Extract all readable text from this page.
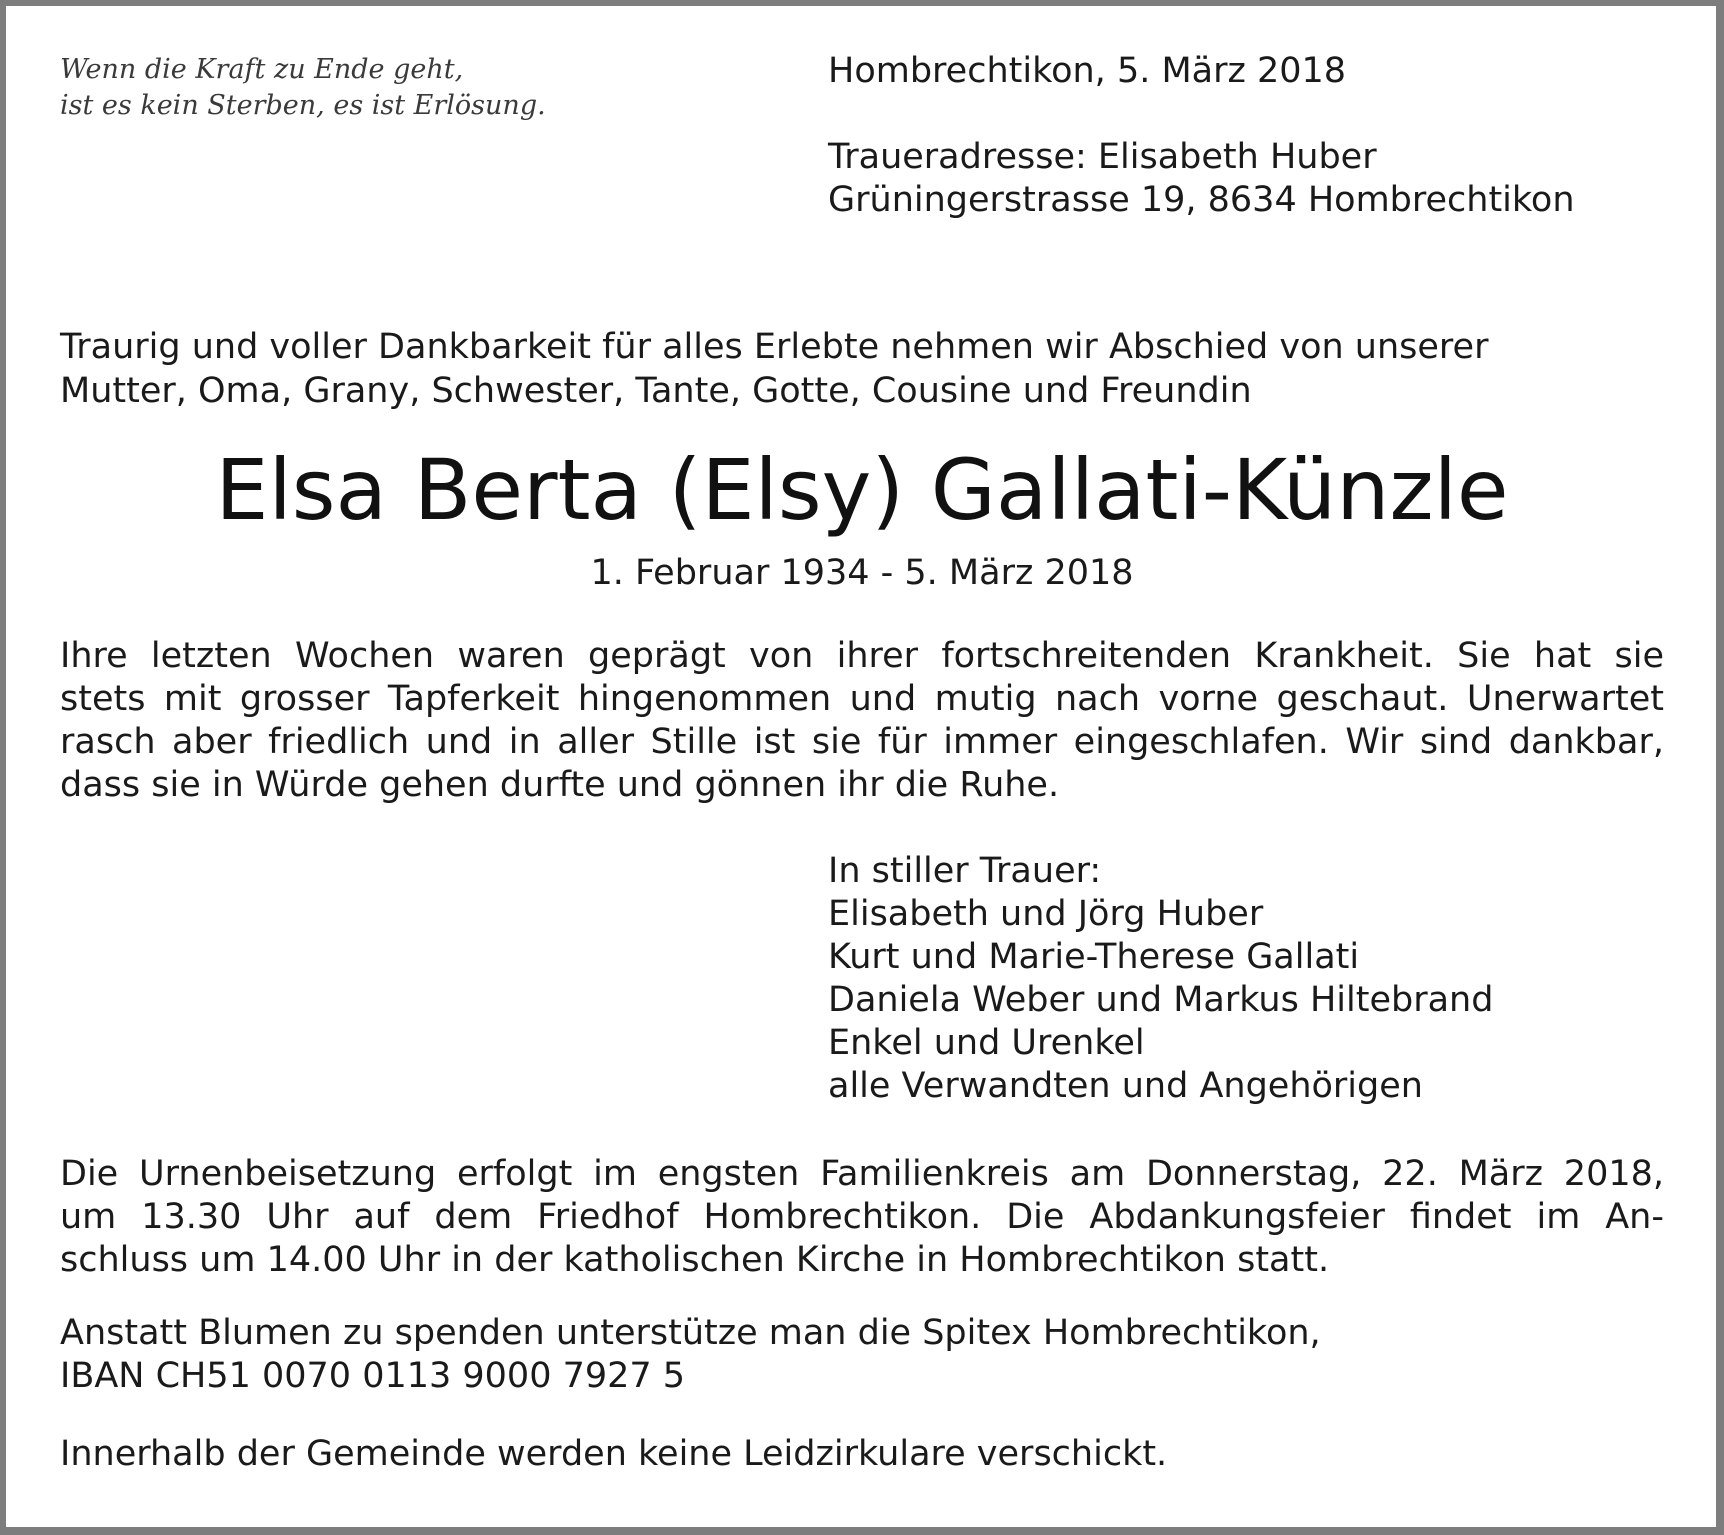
Wenn die Kraft zu Ende geht,
ist es kein Sterben, es ist Erlösung.

Hombrechtikon, 5. März 2018

Traueradresse: Elisabeth Huber
Grüningerstrasse 19, 8634 Hombrechtikon

Traurig und voller Dankbarkeit für alles Erlebte nehmen wir Abschied von unserer
Mutter, Oma, Grany, Schwester, Tante, Gotte, Cousine und Freundin

Elsa Berta (Elsy) Gallati-Künzle

1. Februar 1934 - 5. März 2018

Ihre letzten Wochen waren geprägt von ihrer fortschreitenden Krankheit. Sie hat sie
stets mit grosser Tapferkeit hingenommen und mutig nach vorne geschaut. Unerwartet
rasch aber friedlich und in aller Stille ist sie für immer eingeschlafen. Wir sind dankbar,
dass sie in Würde gehen durfte und gönnen ihr die Ruhe.

In stiller Trauer:
Elisabeth und Jörg Huber
Kurt und Marie-Therese Gallati
Daniela Weber und Markus Hiltebrand
Enkel und Urenkel
alle Verwandten und Angehörigen

Die Urnenbeisetzung erfolgt im engsten Familienkreis am Donnerstag, 22. März 2018,
um 13.30 Uhr auf dem Friedhof Hombrechtikon. Die Abdankungsfeier findet im An-
schluss um 14.00 Uhr in der katholischen Kirche in Hombrechtikon statt.

Anstatt Blumen zu spenden unterstütze man die Spitex Hombrechtikon,
IBAN CH51 0070 0113 9000 7927 5

Innerhalb der Gemeinde werden keine Leidzirkulare verschickt.
